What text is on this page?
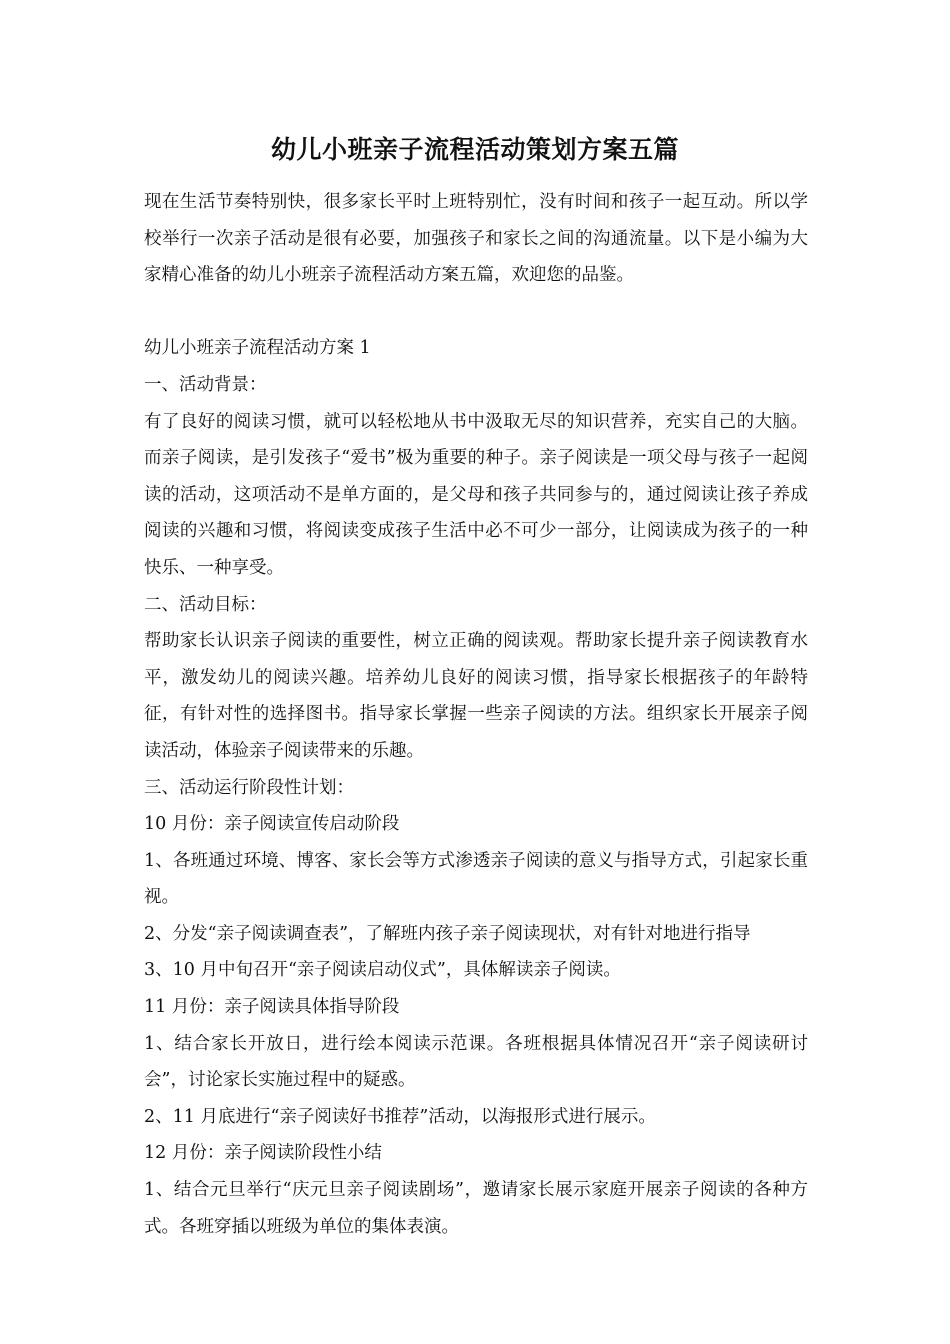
幼儿小班亲子流程活动策划方案五篇

现在生活节奏特别快，很多家长平时上班特别忙，没有时间和孩子一起互动。所以学校举行一次亲子活动是很有必要，加强孩子和家长之间的沟通流量。以下是小编为大家精心准备的幼儿小班亲子流程活动方案五篇，欢迎您的品鉴。

幼儿小班亲子流程活动方案 1

一、活动背景：

有了良好的阅读习惯，就可以轻松地从书中汲取无尽的知识营养，充实自己的大脑。而亲子阅读，是引发孩子“爱书”极为重要的种子。亲子阅读是一项父母与孩子一起阅读的活动，这项活动不是单方面的，是父母和孩子共同参与的，通过阅读让孩子养成阅读的兴趣和习惯，将阅读变成孩子生活中必不可少一部分，让阅读成为孩子的一种快乐、一种享受。

二、活动目标：

帮助家长认识亲子阅读的重要性，树立正确的阅读观。帮助家长提升亲子阅读教育水平，激发幼儿的阅读兴趣。培养幼儿良好的阅读习惯，指导家长根据孩子的年龄特征，有针对性的选择图书。指导家长掌握一些亲子阅读的方法。组织家长开展亲子阅读活动，体验亲子阅读带来的乐趣。

三、活动运行阶段性计划：

10 月份：亲子阅读宣传启动阶段

1、各班通过环境、博客、家长会等方式渗透亲子阅读的意义与指导方式，引起家长重视。

2、分发“亲子阅读调查表”，了解班内孩子亲子阅读现状，对有针对地进行指导

3、10 月中旬召开“亲子阅读启动仪式”，具体解读亲子阅读。

11 月份：亲子阅读具体指导阶段

1、结合家长开放日，进行绘本阅读示范课。各班根据具体情况召开“亲子阅读研讨会”，讨论家长实施过程中的疑惑。

2、11 月底进行“亲子阅读好书推荐”活动，以海报形式进行展示。

12 月份：亲子阅读阶段性小结

1、结合元旦举行“庆元旦亲子阅读剧场”，邀请家长展示家庭开展亲子阅读的各种方式。各班穿插以班级为单位的集体表演。
